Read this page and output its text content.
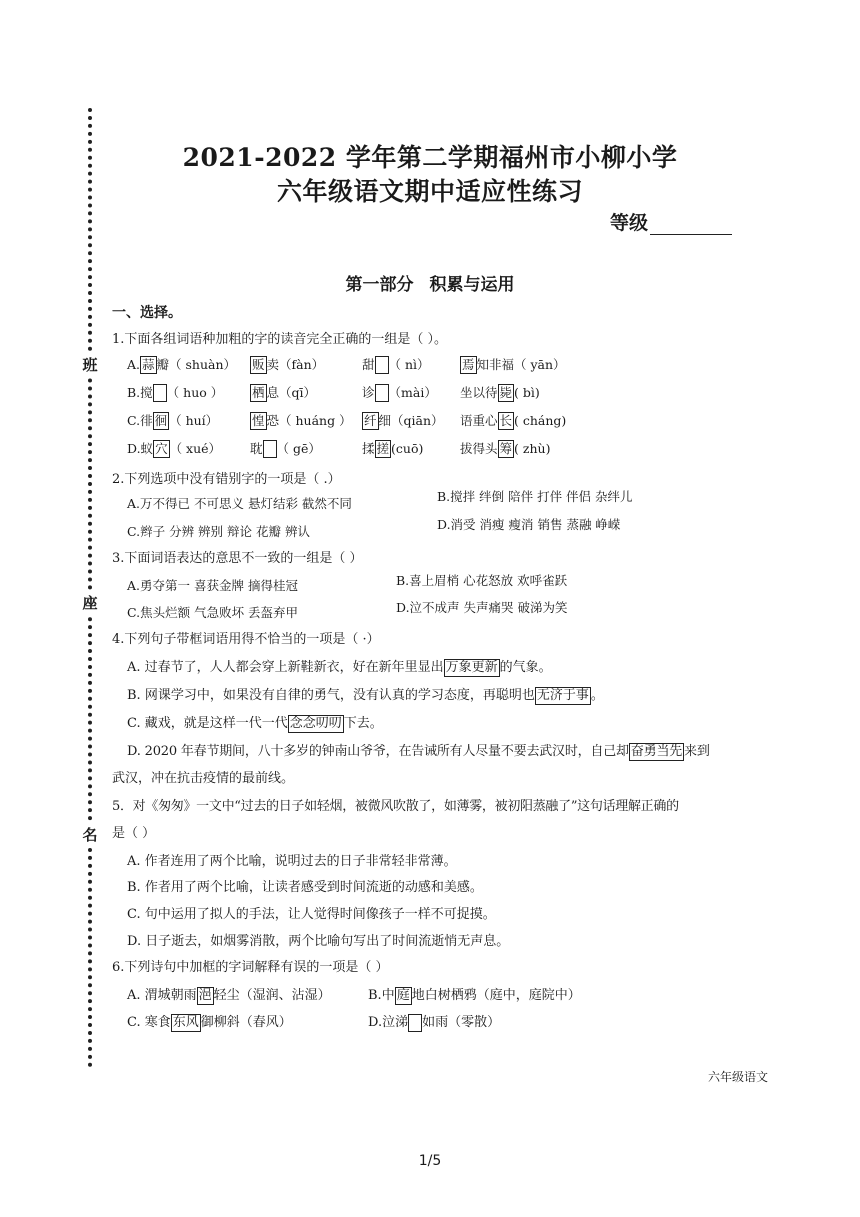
班
座
名
2021-2022 学年第二学期福州市小柳小学
六年级语文期中适应性练习
等级
第一部分 积累与运用
一、选择。
1.下面各组词语种加粗的字的读音完全正确的一组是（ ）。
A. 蒜 瓣（ shuàn） 贩 卖（fàn）	甜 （ nì）	焉 知非福（ yān）
B.搅 （ huo ） 栖 息（qī）	诊 （mài） 坐以待 毙 ( bì)
C.徘 徊 （ huí）	惶 恐（ huáng ） 纤 细（qiān） 语重心 长 ( cháng)
D.蚁 穴 （ xué） 耽 （ gē）	揉 搓 (cuō)	拔得头 筹 ( zhù)
2.下列选项中没有错别字的一项是（ .）
A.万不得已 不可思义 悬灯结彩 截然不同	B.搅拌 绊倒 陪伴 打伴 伴侣 杂绊儿
C.辫子 分辨 辨别 辩论 花瓣 辨认	D.消受 消瘦 瘦消 销售 蒸融 峥嵘
3.下面词语表达的意思不一致的一组是（ ）
A.勇夺第一 喜获金牌 摘得桂冠	B.喜上眉梢 心花怒放 欢呼雀跃
C.焦头烂额 气急败坏 丢盔弃甲	D.泣不成声 失声痛哭 破涕为笑
4.下列句子带框词语用得不恰当的一项是（ ·）
A. 过春节了，人人都会穿上新鞋新衣，好在新年里显出 万象更新 的气象。
B. 网课学习中，如果没有自律的勇气，没有认真的学习态度，再聪明也 无济于事 。
C. 藏戏，就是这样一代一代 念念叨叨 下去。
D. 2020 年春节期间，八十多岁的钟南山爷爷，在告诫所有人尽量不要去武汉时，自己却 奋勇当先 来到
武汉，冲在抗击疫情的最前线。
5．对《匆匆》一文中“过去的日子如轻烟，被微风吹散了，如薄雾，被初阳蒸融了”这句话理解正确的
是（ ）
A. 作者连用了两个比喻，说明过去的日子非常轻非常薄。
B. 作者用了两个比喻，让读者感受到时间流逝的动感和美感。
C. 句中运用了拟人的手法，让人觉得时间像孩子一样不可捉摸。
D. 日子逝去，如烟雾消散，两个比喻句写出了时间流逝悄无声息。
6.下列诗句中加框的字词解释有误的一项是（ ）
A. 渭城朝雨 浥 轻尘（湿润、沾湿）	B.中 庭 地白树栖鸦（庭中，庭院中）
C. 寒食 东风 御柳斜（春风）	D.泣涕 如雨（零散）
六年级语文
1/5
